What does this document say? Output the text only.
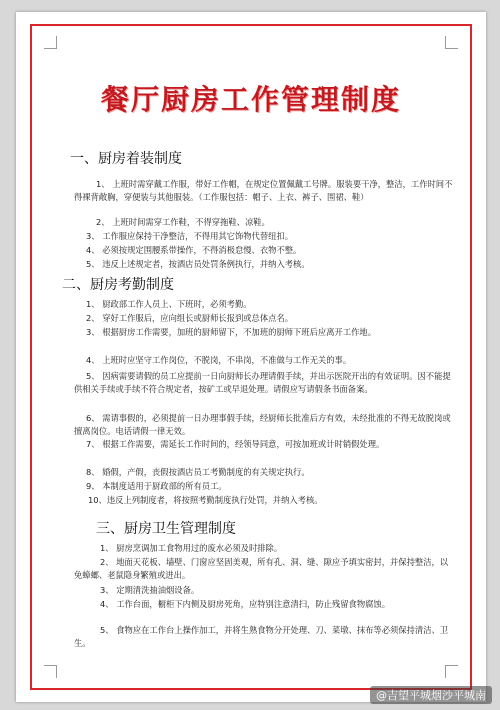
餐厅厨房工作管理制度
一、厨房着装制度
1、 上班时需穿戴工作服，带好工作帽，在规定位置佩戴工号牌。服装要干净，整洁，工作时间不得裸背敞胸，穿便装与其他服装。（工作服包括：帽子、上衣、裤子、围裙、鞋）
2、 上班时间需穿工作鞋，不得穿拖鞋、凉鞋。
3、 工作服应保持干净整洁，不得用其它饰物代替纽扣。
4、 必须按规定围腰系带操作，不得消极怠慢、衣物不整。
5、 违反上述规定者，按酒店员处罚条例执行，并纳入考核。
二、厨房考勤制度
1、 厨政部工作人员上、下班时，必须考勤。
2、 穿好工作服后，应向组长或厨师长报到或总体点名。
3、 根据厨房工作需要，加班的厨师留下，不加班的厨师下班后应离开工作地。
4、 上班时应坚守工作岗位，不脱岗，不串岗，不准做与工作无关的事。
5、 因病需要请假的员工应提前一日向厨师长办理请假手续，并出示医院开出的有效证明。因不能提供相关手续或手续不符合规定者，按矿工或早退处理。请假应写请假条书面备案。
6、 需请事假的，必须提前一日办理事假手续，经厨师长批准后方有效，未经批准的不得无故脱岗或擅离岗位。电话请假一律无效。
7、 根据工作需要，需延长工作时间的，经领导同意，可按加班或计时销假处理。
8、 婚假，产假，丧假按酒店员工考勤制度的有关规定执行。
9、 本制度适用于厨政部的所有员工。
10、违反上列制度者，将按照考勤制度执行处罚，并纳入考核。
三、厨房卫生管理制度
1、 厨房烹调加工食物用过的废水必须及时排除。
2、 地面天花板、墙壁、门窗应坚固美观，所有孔、洞、缝、隙应予填实密封，并保持整洁，以免蟑螂、老鼠隐身繁殖或进出。
3、 定期清洗抽油烟设备。
4、 工作台面，橱柜下内侧及厨房死角，应特别注意清扫，防止残留食物腐蚀。
5、 食物应在工作台上操作加工，并将生熟食物分开处理、刀、菜墩、抹布等必须保持清洁、卫生。
@吉望平城烟沙平城南
